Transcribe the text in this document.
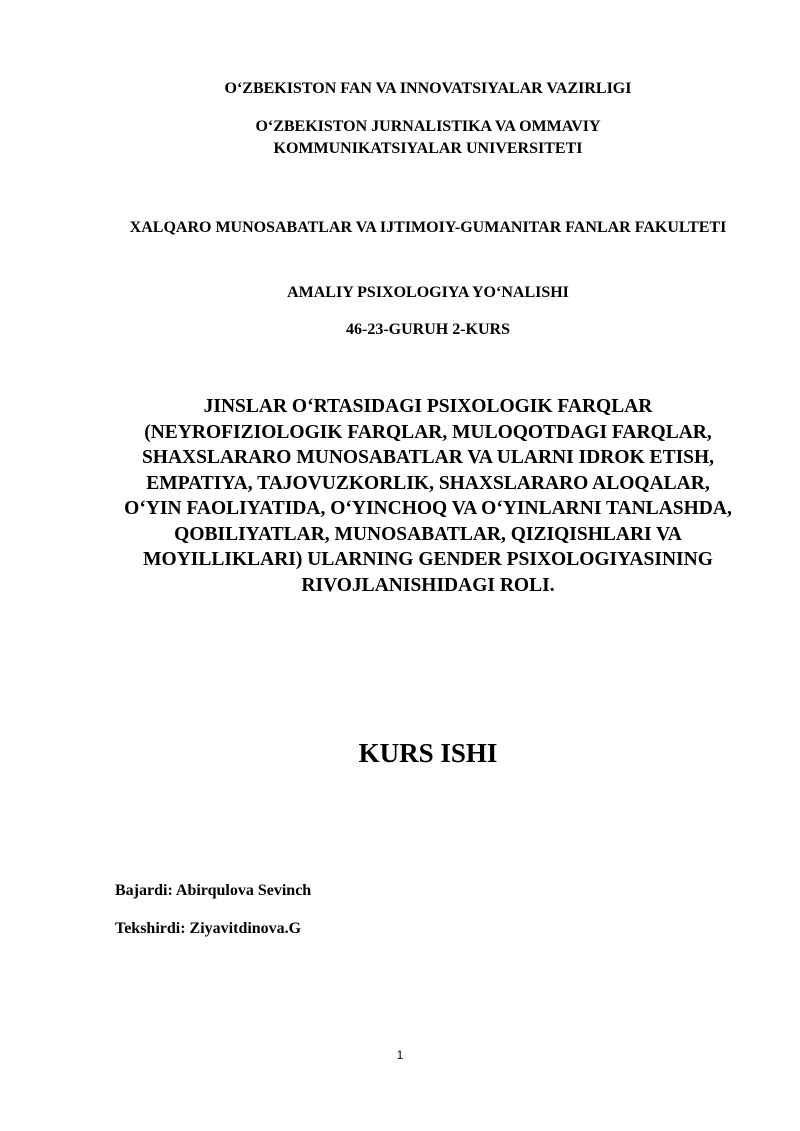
O‘ZBEKISTON FAN VA INNOVATSIYALAR VAZIRLIGI
O‘ZBEKISTON JURNALISTIKA VA OMMAVIY KOMMUNIKATSIYALAR UNIVERSITETI
XALQARO MUNOSABATLAR VA IJTIMOIY-GUMANITAR FANLAR FAKULTETI
AMALIY PSIXOLOGIYA YO‘NALISHI
46-23-GURUH 2-KURS
JINSLAR O‘RTASIDAGI PSIXOLOGIK FARQLAR (NEYROFIZIOLOGIK FARQLAR, MULOQOTDAGI FARQLAR, SHAXSLARARO MUNOSABATLAR VA ULARNI IDROK ETISH, EMPATIYA, TAJOVUZKORLIK, SHAXSLARARO ALOQALAR, O‘YIN FAOLIYATIDA, O‘YINCHOQ VA O‘YINLARNI TANLASHDA, QOBILIYATLAR, MUNOSABATLAR, QIZIQISHLARI VA MOYILLIKLARI) ULARNING GENDER PSIXOLOGIYASINING RIVOJLANISHIDAGI ROLI.
KURS ISHI
Bajardi: Abirqulova Sevinch
Tekshirdi: Ziyavitdinova.G
1
